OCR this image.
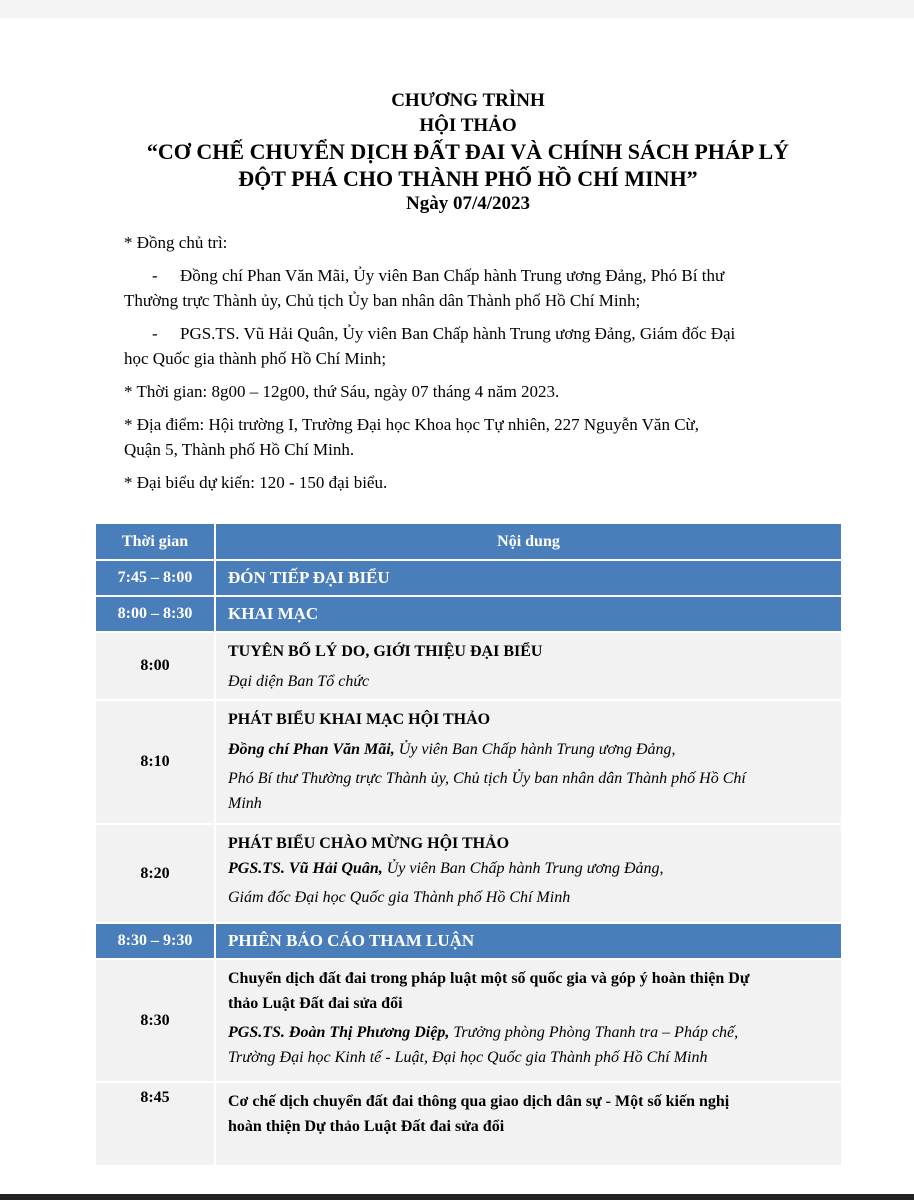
CHƯƠNG TRÌNH
HỘI THẢO
“CƠ CHẾ CHUYỂN DỊCH ĐẤT ĐAI VÀ CHÍNH SÁCH PHÁP LÝ
ĐỘT PHÁ CHO THÀNH PHỐ HỒ CHÍ MINH”
Ngày 07/4/2023

* Đồng chủ trì:

-	Đồng chí Phan Văn Mãi, Ủy viên Ban Chấp hành Trung ương Đảng, Phó Bí thư

Thường trực Thành ủy, Chủ tịch Ủy ban nhân dân Thành phố Hồ Chí Minh;

-	PGS.TS. Vũ Hải Quân, Ủy viên Ban Chấp hành Trung ương Đảng, Giám đốc Đại

học Quốc gia thành phố Hồ Chí Minh;

* Thời gian: 8g00 – 12g00, thứ Sáu, ngày 07 tháng 4 năm 2023.

* Địa điểm: Hội trường I, Trường Đại học Khoa học Tự nhiên, 227 Nguyễn Văn Cừ,

Quận 5, Thành phố Hồ Chí Minh.

* Đại biểu dự kiến: 120 - 150 đại biểu.

Thời gian	Nội dung
7:45 – 8:00	ĐÓN TIẾP ĐẠI BIỂU
8:00 – 8:30	KHAI MẠC
8:00
TUYÊN BỐ LÝ DO, GIỚI THIỆU ĐẠI BIỂU
Đại diện Ban Tổ chức
8:10
PHÁT BIỂU KHAI MẠC HỘI THẢO
Đồng chí Phan Văn Mãi, Ủy viên Ban Chấp hành Trung ương Đảng,
Phó Bí thư Thường trực Thành ủy, Chủ tịch Ủy ban nhân dân Thành phố Hồ Chí
Minh
8:20
PHÁT BIỂU CHÀO MỪNG HỘI THẢO
PGS.TS. Vũ Hải Quân, Ủy viên Ban Chấp hành Trung ương Đảng,
Giám đốc Đại học Quốc gia Thành phố Hồ Chí Minh
8:30 – 9:30	PHIÊN BÁO CÁO THAM LUẬN
8:30
Chuyển dịch đất đai trong pháp luật một số quốc gia và góp ý hoàn thiện Dự
thảo Luật Đất đai sửa đổi
PGS.TS. Đoàn Thị Phương Diệp, Trưởng phòng Phòng Thanh tra – Pháp chế,
Trường Đại học Kinh tế - Luật, Đại học Quốc gia Thành phố Hồ Chí Minh
8:45	Cơ chế dịch chuyển đất đai thông qua giao dịch dân sự - Một số kiến nghị
hoàn thiện Dự thảo Luật Đất đai sửa đổi
